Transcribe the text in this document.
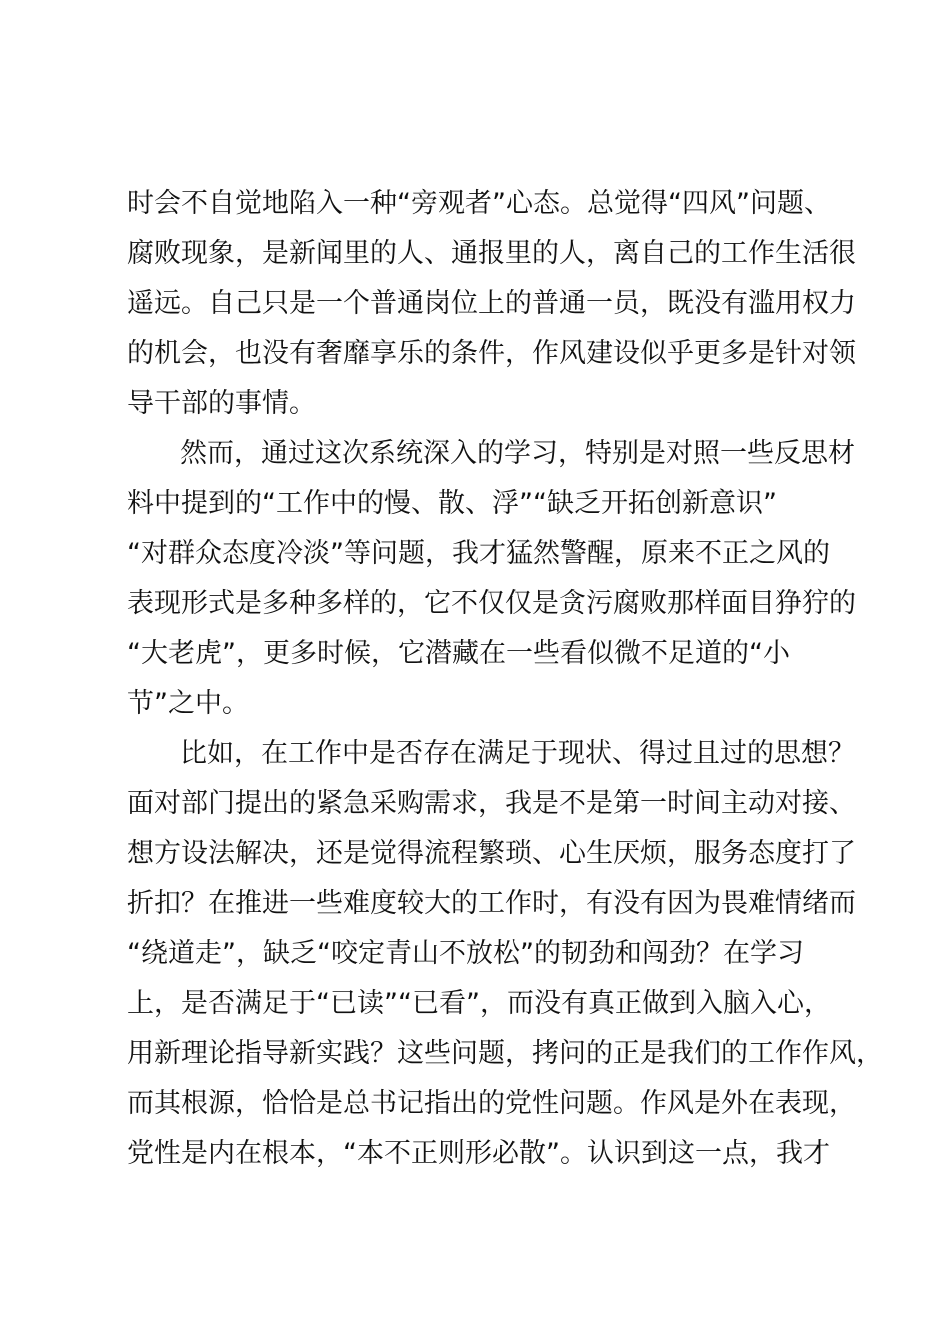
时会不自觉地陷入一种“旁观者”心态。总觉得“四风”问题、
腐败现象，是新闻里的人、通报里的人，离自己的工作生活很
遥远。自己只是一个普通岗位上的普通一员，既没有滥用权力
的机会，也没有奢靡享乐的条件，作风建设似乎更多是针对领
导干部的事情。
然而，通过这次系统深入的学习，特别是对照一些反思材
料中提到的“工作中的慢、散、浮”“缺乏开拓创新意识”
“对群众态度冷淡”等问题，我才猛然警醒，原来不正之风的
表现形式是多种多样的，它不仅仅是贪污腐败那样面目狰狞的
“大老虎”，更多时候，它潜藏在一些看似微不足道的“小
节”之中。
比如，在工作中是否存在满足于现状、得过且过的思想？
面对部门提出的紧急采购需求，我是不是第一时间主动对接、
想方设法解决，还是觉得流程繁琐、心生厌烦，服务态度打了
折扣？在推进一些难度较大的工作时，有没有因为畏难情绪而
“绕道走”，缺乏“咬定青山不放松”的韧劲和闯劲？在学习
上，是否满足于“已读”“已看”，而没有真正做到入脑入心，
用新理论指导新实践？这些问题，拷问的正是我们的工作作风，
而其根源，恰恰是总书记指出的党性问题。作风是外在表现，
党性是内在根本，“本不正则形必散”。认识到这一点，我才
